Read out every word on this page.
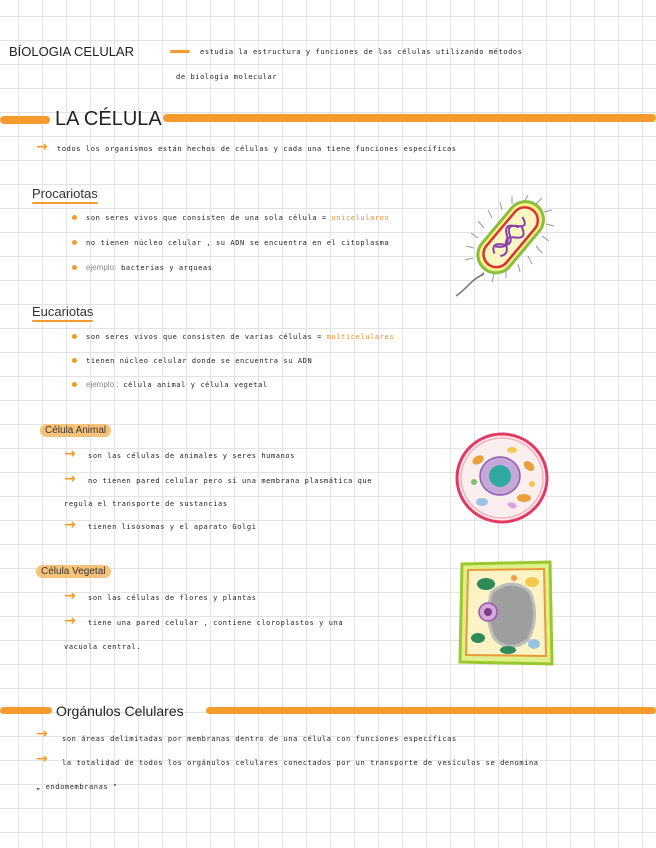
BÍOLOGIA CELULAR	estudia la estructura y funciones de las células utilizando métodos
de biología molecular
LA CÉLULA
→ todos los organismos están hechos de células y cada una tiene funciones específicas
Procariotas
son seres vivos que consisten de una sola célula = unicelulares
no tienen núcleo celular , su ADN se encuentra en el citoplasma
ejemplo: bacterias y arqueas
Eucariotas
son seres vivos que consisten de varias células = multicelulares
tienen núcleo celular donde se encuentra su ADN
ejemplo : célula animal y célula vegetal
Célula Animal
→ son las células de animales y seres humanos
→ no tienen pared celular pero sí una membrana plasmática que
regula el transporte de sustancias
→ tienen lisosomas y el aparato Golgi
Célula Vegetal
→ son las células de flores y plantas
→ tiene una pared celular , contiene cloroplastos y una
vacuola central.
Orgánulos Celulares
→ son áreas delimitadas por membranas dentro de una célula con funciones específicas
→ la totalidad de todos los orgánulos celulares conectados por un transporte de vesículos se denomina
„ endomembranas "
